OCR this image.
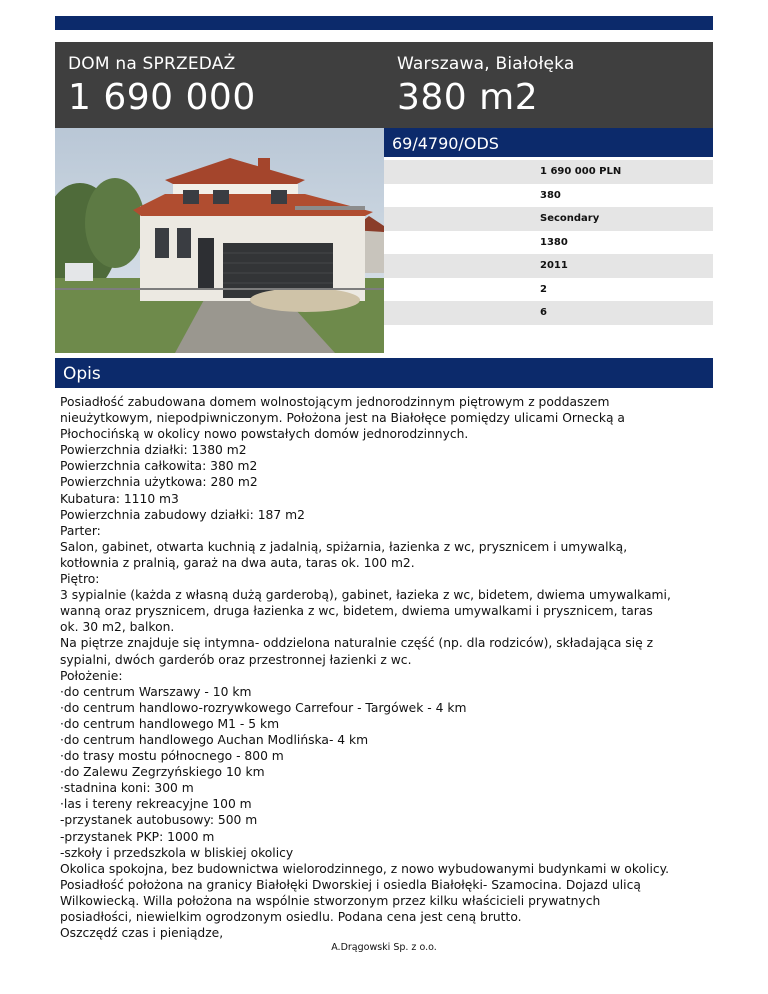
DOM na SPRZEDAŻ
1 690 000
Warszawa, Białołęka
380 m2
69/4790/ODS
1 690 000 PLN
380
Secondary
1380
2011
2
6
Opis
Posiadłość zabudowana domem wolnostojącym jednorodzinnym piętrowym z poddaszem
nieużytkowym, niepodpiwniczonym. Położona jest na Białołęce pomiędzy ulicami Ornecką a
Płochocińską w okolicy nowo powstałych domów jednorodzinnych.
Powierzchnia działki: 1380 m2
Powierzchnia całkowita: 380 m2
Powierzchnia użytkowa: 280 m2
Kubatura: 1110 m3
Powierzchnia zabudowy działki: 187 m2
Parter:
Salon, gabinet, otwarta kuchnią z jadalnią, spiżarnia, łazienka z wc, prysznicem i umywalką,
kotłownia z pralnią, garaż na dwa auta, taras ok. 100 m2.
Piętro:
3 sypialnie (każda z własną dużą garderobą), gabinet, łazieka z wc, bidetem, dwiema umywalkami,
wanną oraz prysznicem, druga łazienka z wc, bidetem, dwiema umywalkami i prysznicem, taras
ok. 30 m2, balkon.
Na piętrze znajduje się intymna- oddzielona naturalnie część (np. dla rodziców), składająca się z
sypialni, dwóch garderób oraz przestronnej łazienki z wc.
Położenie:
·do centrum Warszawy - 10 km
·do centrum handlowo-rozrywkowego Carrefour - Targówek - 4 km
·do centrum handlowego M1 - 5 km
·do centrum handlowego Auchan Modlińska- 4 km
·do trasy mostu północnego - 800 m
·do Zalewu Zegrzyńskiego 10 km
·stadnina koni: 300 m
·las i tereny rekreacyjne 100 m
-przystanek autobusowy: 500 m
-przystanek PKP: 1000 m
-szkoły i przedszkola w bliskiej okolicy
Okolica spokojna, bez budownictwa wielorodzinnego, z nowo wybudowanymi budynkami w okolicy.
Posiadłość położona na granicy Białołęki Dworskiej i osiedla Białołęki- Szamocina. Dojazd ulicą
Wilkowiecką. Willa położona na wspólnie stworzonym przez kilku właścicieli prywatnych
posiadłości, niewielkim ogrodzonym osiedlu. Podana cena jest ceną brutto.
Oszczędź czas i pieniądze,
A.Drągowski Sp. z o.o.
